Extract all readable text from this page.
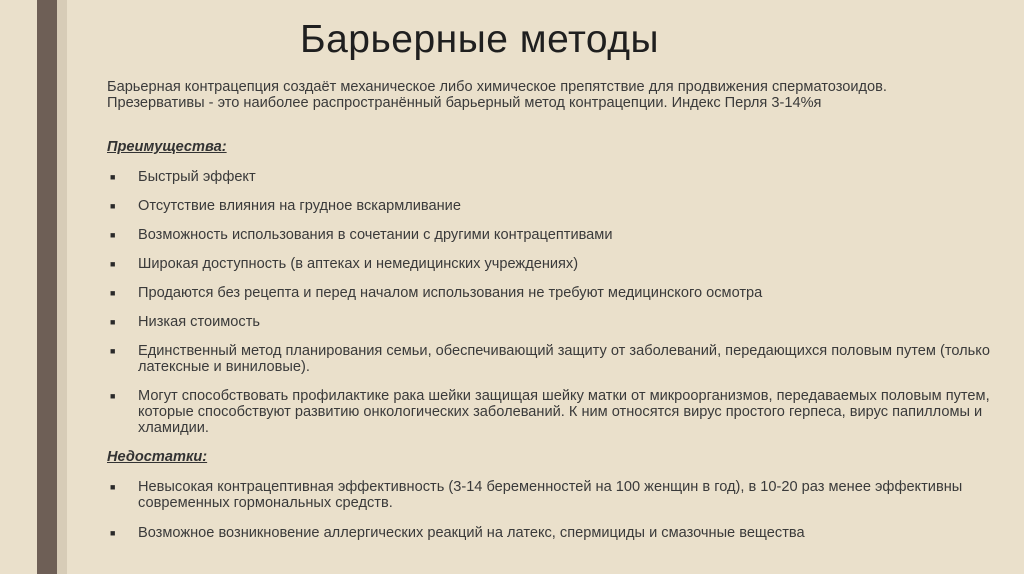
Барьерные методы
Барьерная контрацепция создаёт механическое либо химическое препятствие для продвижения сперматозоидов. Презервативы - это наиболее распространённый барьерный метод контрацепции. Индекс Перля 3-14%я
Преимущества:
■ Быстрый эффект
■ Отсутствие влияния на грудное вскармливание
■ Возможность использования в сочетании с другими контрацептивами
■ Широкая доступность (в аптеках и немедицинских учреждениях)
■ Продаются без рецепта и перед началом использования не требуют медицинского осмотра
■ Низкая стоимость
■ Единственный метод планирования семьи, обеспечивающий защиту от заболеваний, передающихся половым путем (только латексные и виниловые).
■ Могут способствовать профилактике рака шейки защищая шейку матки от микроорганизмов, передаваемых половым путем, которые способствуют развитию онкологических заболеваний. К ним относятся вирус простого герпеса, вирус папилломы и хламидии.
Недостатки:
■ Невысокая контрацептивная эффективность (3-14 беременностей на 100 женщин в год), в 10-20 раз менее эффективны современных гормональных средств.
■ Возможное возникновение аллергических реакций на латекс, спермициды и смазочные вещества
